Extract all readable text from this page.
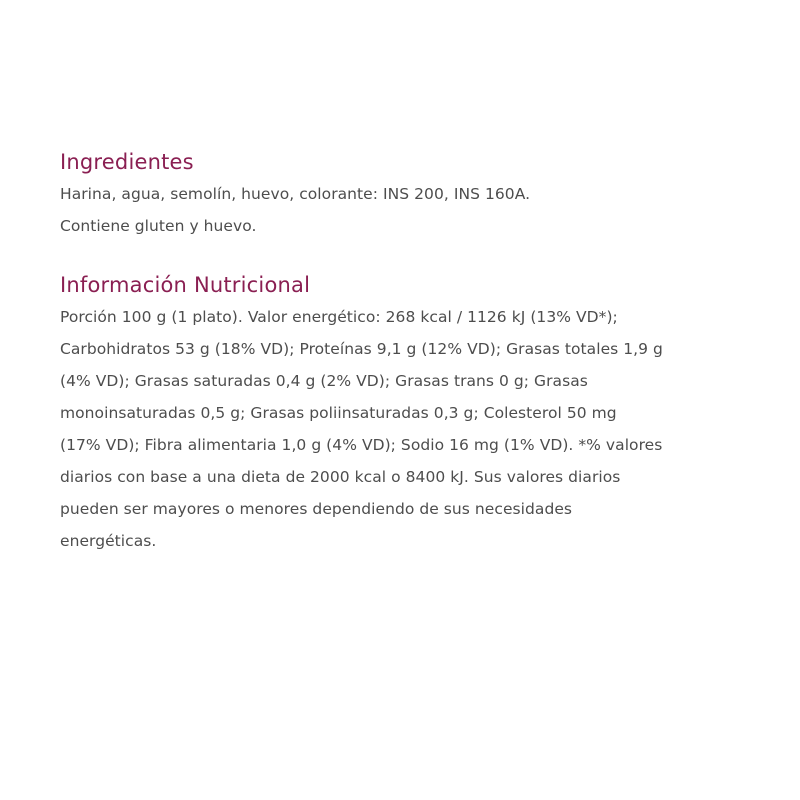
Ingredientes

Harina, agua, semolín, huevo, colorante: INS 200, INS 160A.
Contiene gluten y huevo.

Información Nutricional

Porción 100 g (1 plato). Valor energético: 268 kcal / 1126 kJ (13% VD*);
Carbohidratos 53 g (18% VD); Proteínas 9,1 g (12% VD); Grasas totales 1,9 g
(4% VD); Grasas saturadas 0,4 g (2% VD); Grasas trans 0 g; Grasas
monoinsaturadas 0,5 g; Grasas poliinsaturadas 0,3 g; Colesterol 50 mg
(17% VD); Fibra alimentaria 1,0 g (4% VD); Sodio 16 mg (1% VD). *% valores
diarios con base a una dieta de 2000 kcal o 8400 kJ. Sus valores diarios
pueden ser mayores o menores dependiendo de sus necesidades
energéticas.
